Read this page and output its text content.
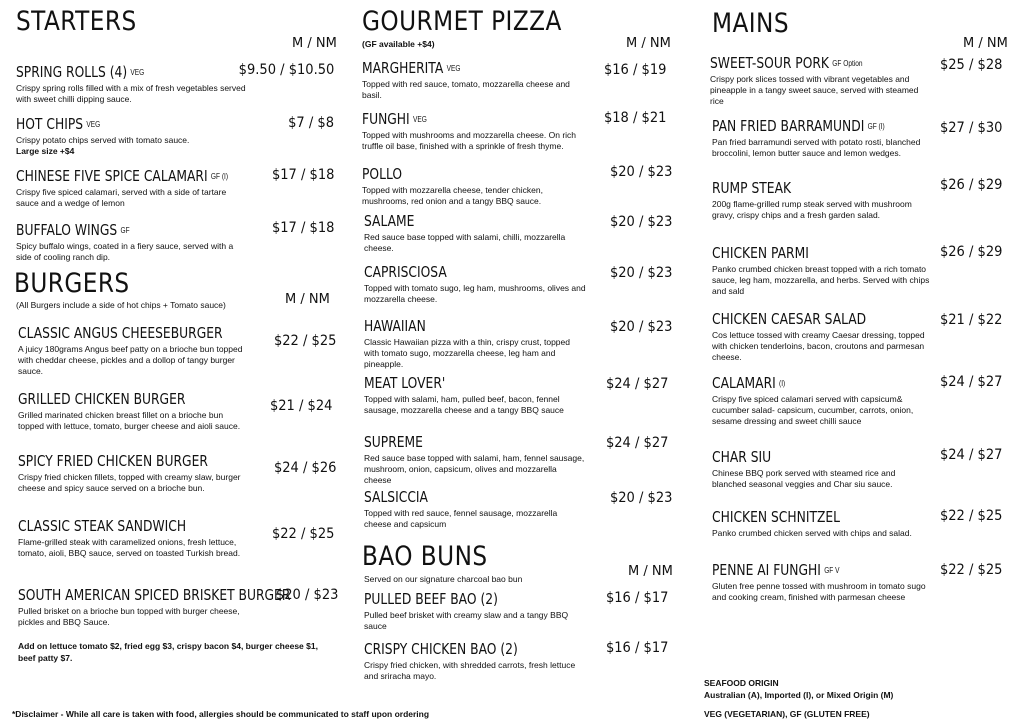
STARTERS
M / NM
SPRING ROLLS (4) VEG
Crispy spring rolls filled with a mix of fresh vegetables served with sweet chilli dipping sauce.
$9.50 / $10.50
HOT CHIPS VEG
Crispy potato chips served with tomato sauce.
Large size +$4
$7 / $8
CHINESE FIVE SPICE CALAMARI GF (I)
Crispy five spiced calamari, served with a side of tartare sauce and a wedge of lemon
$17 / $18
BUFFALO WINGS GF
Spicy buffalo wings, coated in a fiery sauce, served with a side of cooling ranch dip.
$17 / $18
BURGERS
(All Burgers include a side of hot chips + Tomato sauce)	M / NM
CLASSIC ANGUS CHEESEBURGER
A juicy 180grams Angus beef patty on a brioche bun topped with cheddar cheese, pickles and a dollop of tangy burger sauce.
$22 / $25
GRILLED CHICKEN BURGER
Grilled marinated chicken breast fillet on a brioche bun topped with lettuce, tomato, burger cheese and aioli sauce.
$21 / $24
SPICY FRIED CHICKEN BURGER
Crispy fried chicken fillets, topped with creamy slaw, burger cheese and spicy sauce served on a brioche bun.
$24 / $26
CLASSIC STEAK SANDWICH
Flame-grilled steak with caramelized onions, fresh lettuce, tomato, aioli, BBQ sauce, served on toasted Turkish bread.
$22 / $25
SOUTH AMERICAN SPICED BRISKET BURGER
Pulled brisket on a brioche bun topped with burger cheese, pickles and BBQ Sauce.
$20 / $23
Add on lettuce tomato $2, fried egg $3, crispy bacon $4, burger cheese $1, beef patty $7.
*Disclaimer - While all care is taken with food, allergies should be communicated to staff upon ordering
GOURMET PIZZA
(GF available +$4)	M / NM
MARGHERITA VEG
Topped with red sauce, tomato, mozzarella cheese and basil.
$16 / $19
FUNGHI VEG
Topped with mushrooms and mozzarella cheese. On rich truffle oil base, finished with a sprinkle of fresh thyme.
$18 / $21
POLLO
Topped with mozzarella cheese, tender chicken, mushrooms, red onion and a tangy BBQ sauce.
$20 / $23
SALAME
Red sauce base topped with salami, chilli, mozzarella cheese.
$20 / $23
CAPRISCIOSA
Topped with tomato sugo, leg ham, mushrooms, olives and mozzarella cheese.
$20 / $23
HAWAIIAN
Classic Hawaiian pizza with a thin, crispy crust, topped with tomato sugo, mozzarella cheese, leg ham and pineapple.
$20 / $23
MEAT LOVER'
Topped with salami, ham, pulled beef, bacon, fennel sausage, mozzarella cheese and a tangy BBQ sauce
$24 / $27
SUPREME
Red sauce base topped with salami, ham, fennel sausage, mushroom, onion, capsicum, olives and mozzarella cheese
$24 / $27
SALSICCIA
Topped with red sauce, fennel sausage, mozzarella cheese and capsicum
$20 / $23
BAO BUNS
Served on our signature charcoal bao bun	M / NM
PULLED BEEF BAO (2)
Pulled beef brisket with creamy slaw and a tangy BBQ sauce
$16 / $17
CRISPY CHICKEN BAO (2)
Crispy fried chicken, with shredded carrots, fresh lettuce and sriracha mayo.
$16 / $17
MAINS
M / NM
SWEET-SOUR PORK GF Option
Crispy pork slices tossed with vibrant vegetables and pineapple in a tangy sweet sauce, served with steamed rice
$25 / $28
PAN FRIED BARRAMUNDI GF (I)
Pan fried barramundi served with potato rosti, blanched broccolini, lemon butter sauce and lemon wedges.
$27 / $30
RUMP STEAK
200g flame-grilled rump steak served with mushroom gravy, crispy chips and a fresh garden salad.
$26 / $29
CHICKEN PARMI
Panko crumbed chicken breast topped with a rich tomato sauce, leg ham, mozzarella, and herbs. Served with chips and sald
$26 / $29
CHICKEN CAESAR SALAD
Cos lettuce tossed with creamy Caesar dressing, topped with chicken tenderloins, bacon, croutons and parmesan cheese.
$21 / $22
CALAMARI (I)
Crispy five spiced calamari served with capsicum& cucumber salad- capsicum, cucumber, carrots, onion, sesame dressing and sweet chilli sauce
$24 / $27
CHAR SIU
Chinese BBQ pork served with steamed rice and blanched seasonal veggies and Char siu sauce.
$24 / $27
CHICKEN SCHNITZEL
Panko crumbed chicken served with chips and salad.
$22 / $25
PENNE AI FUNGHI GF V
Gluten free penne tossed with mushroom in tomato sugo and cooking cream, finished with parmesan cheese
$22 / $25
SEAFOOD ORIGIN
Australian (A), Imported (I), or Mixed Origin (M)
VEG (VEGETARIAN), GF (GLUTEN FREE)
